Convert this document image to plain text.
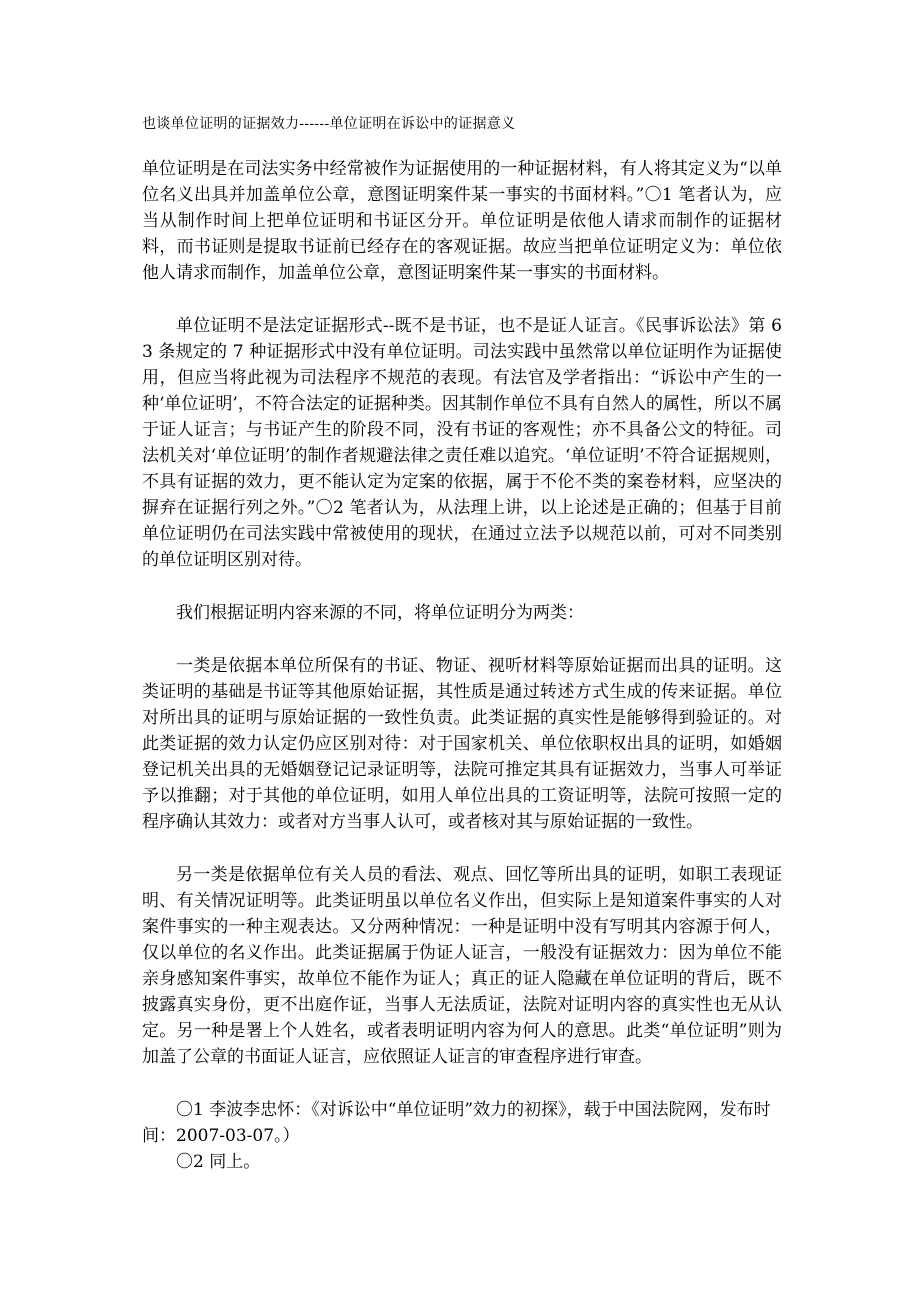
也谈单位证明的证据效力------单位证明在诉讼中的证据意义

单位证明是在司法实务中经常被作为证据使用的一种证据材料，有人将其定义为“以单位名义出具并加盖单位公章，意图证明案件某一事实的书面材料。”〇1 笔者认为，应当从制作时间上把单位证明和书证区分开。单位证明是依他人请求而制作的证据材料，而书证则是提取书证前已经存在的客观证据。故应当把单位证明定义为：单位依他人请求而制作，加盖单位公章，意图证明案件某一事实的书面材料。

单位证明不是法定证据形式--既不是书证，也不是证人证言。《民事诉讼法》第 63 条规定的 7 种证据形式中没有单位证明。司法实践中虽然常以单位证明作为证据使用，但应当将此视为司法程序不规范的表现。有法官及学者指出：“诉讼中产生的一种‘单位证明’，不符合法定的证据种类。因其制作单位不具有自然人的属性，所以不属于证人证言；与书证产生的阶段不同，没有书证的客观性；亦不具备公文的特征。司法机关对‘单位证明’的制作者规避法律之责任难以追究。‘单位证明’不符合证据规则，不具有证据的效力，更不能认定为定案的依据，属于不伦不类的案卷材料，应坚决的摒弃在证据行列之外。”〇2 笔者认为，从法理上讲，以上论述是正确的；但基于目前单位证明仍在司法实践中常被使用的现状，在通过立法予以规范以前，可对不同类别的单位证明区别对待。

我们根据证明内容来源的不同，将单位证明分为两类：

一类是依据本单位所保有的书证、物证、视听材料等原始证据而出具的证明。这类证明的基础是书证等其他原始证据，其性质是通过转述方式生成的传来证据。单位对所出具的证明与原始证据的一致性负责。此类证据的真实性是能够得到验证的。对此类证据的效力认定仍应区别对待：对于国家机关、单位依职权出具的证明，如婚姻登记机关出具的无婚姻登记记录证明等，法院可推定其具有证据效力，当事人可举证予以推翻；对于其他的单位证明，如用人单位出具的工资证明等，法院可按照一定的程序确认其效力：或者对方当事人认可，或者核对其与原始证据的一致性。

另一类是依据单位有关人员的看法、观点、回忆等所出具的证明，如职工表现证明、有关情况证明等。此类证明虽以单位名义作出，但实际上是知道案件事实的人对案件事实的一种主观表达。又分两种情况：一种是证明中没有写明其内容源于何人，仅以单位的名义作出。此类证据属于伪证人证言，一般没有证据效力：因为单位不能亲身感知案件事实，故单位不能作为证人；真正的证人隐藏在单位证明的背后，既不披露真实身份，更不出庭作证，当事人无法质证，法院对证明内容的真实性也无从认定。另一种是署上个人姓名，或者表明证明内容为何人的意思。此类“单位证明”则为加盖了公章的书面证人证言，应依照证人证言的审查程序进行审查。

〇1 李波李忠怀：《对诉讼中“单位证明”效力的初探》，载于中国法院网，发布时间：2007-03-07。）

〇2 同上。
